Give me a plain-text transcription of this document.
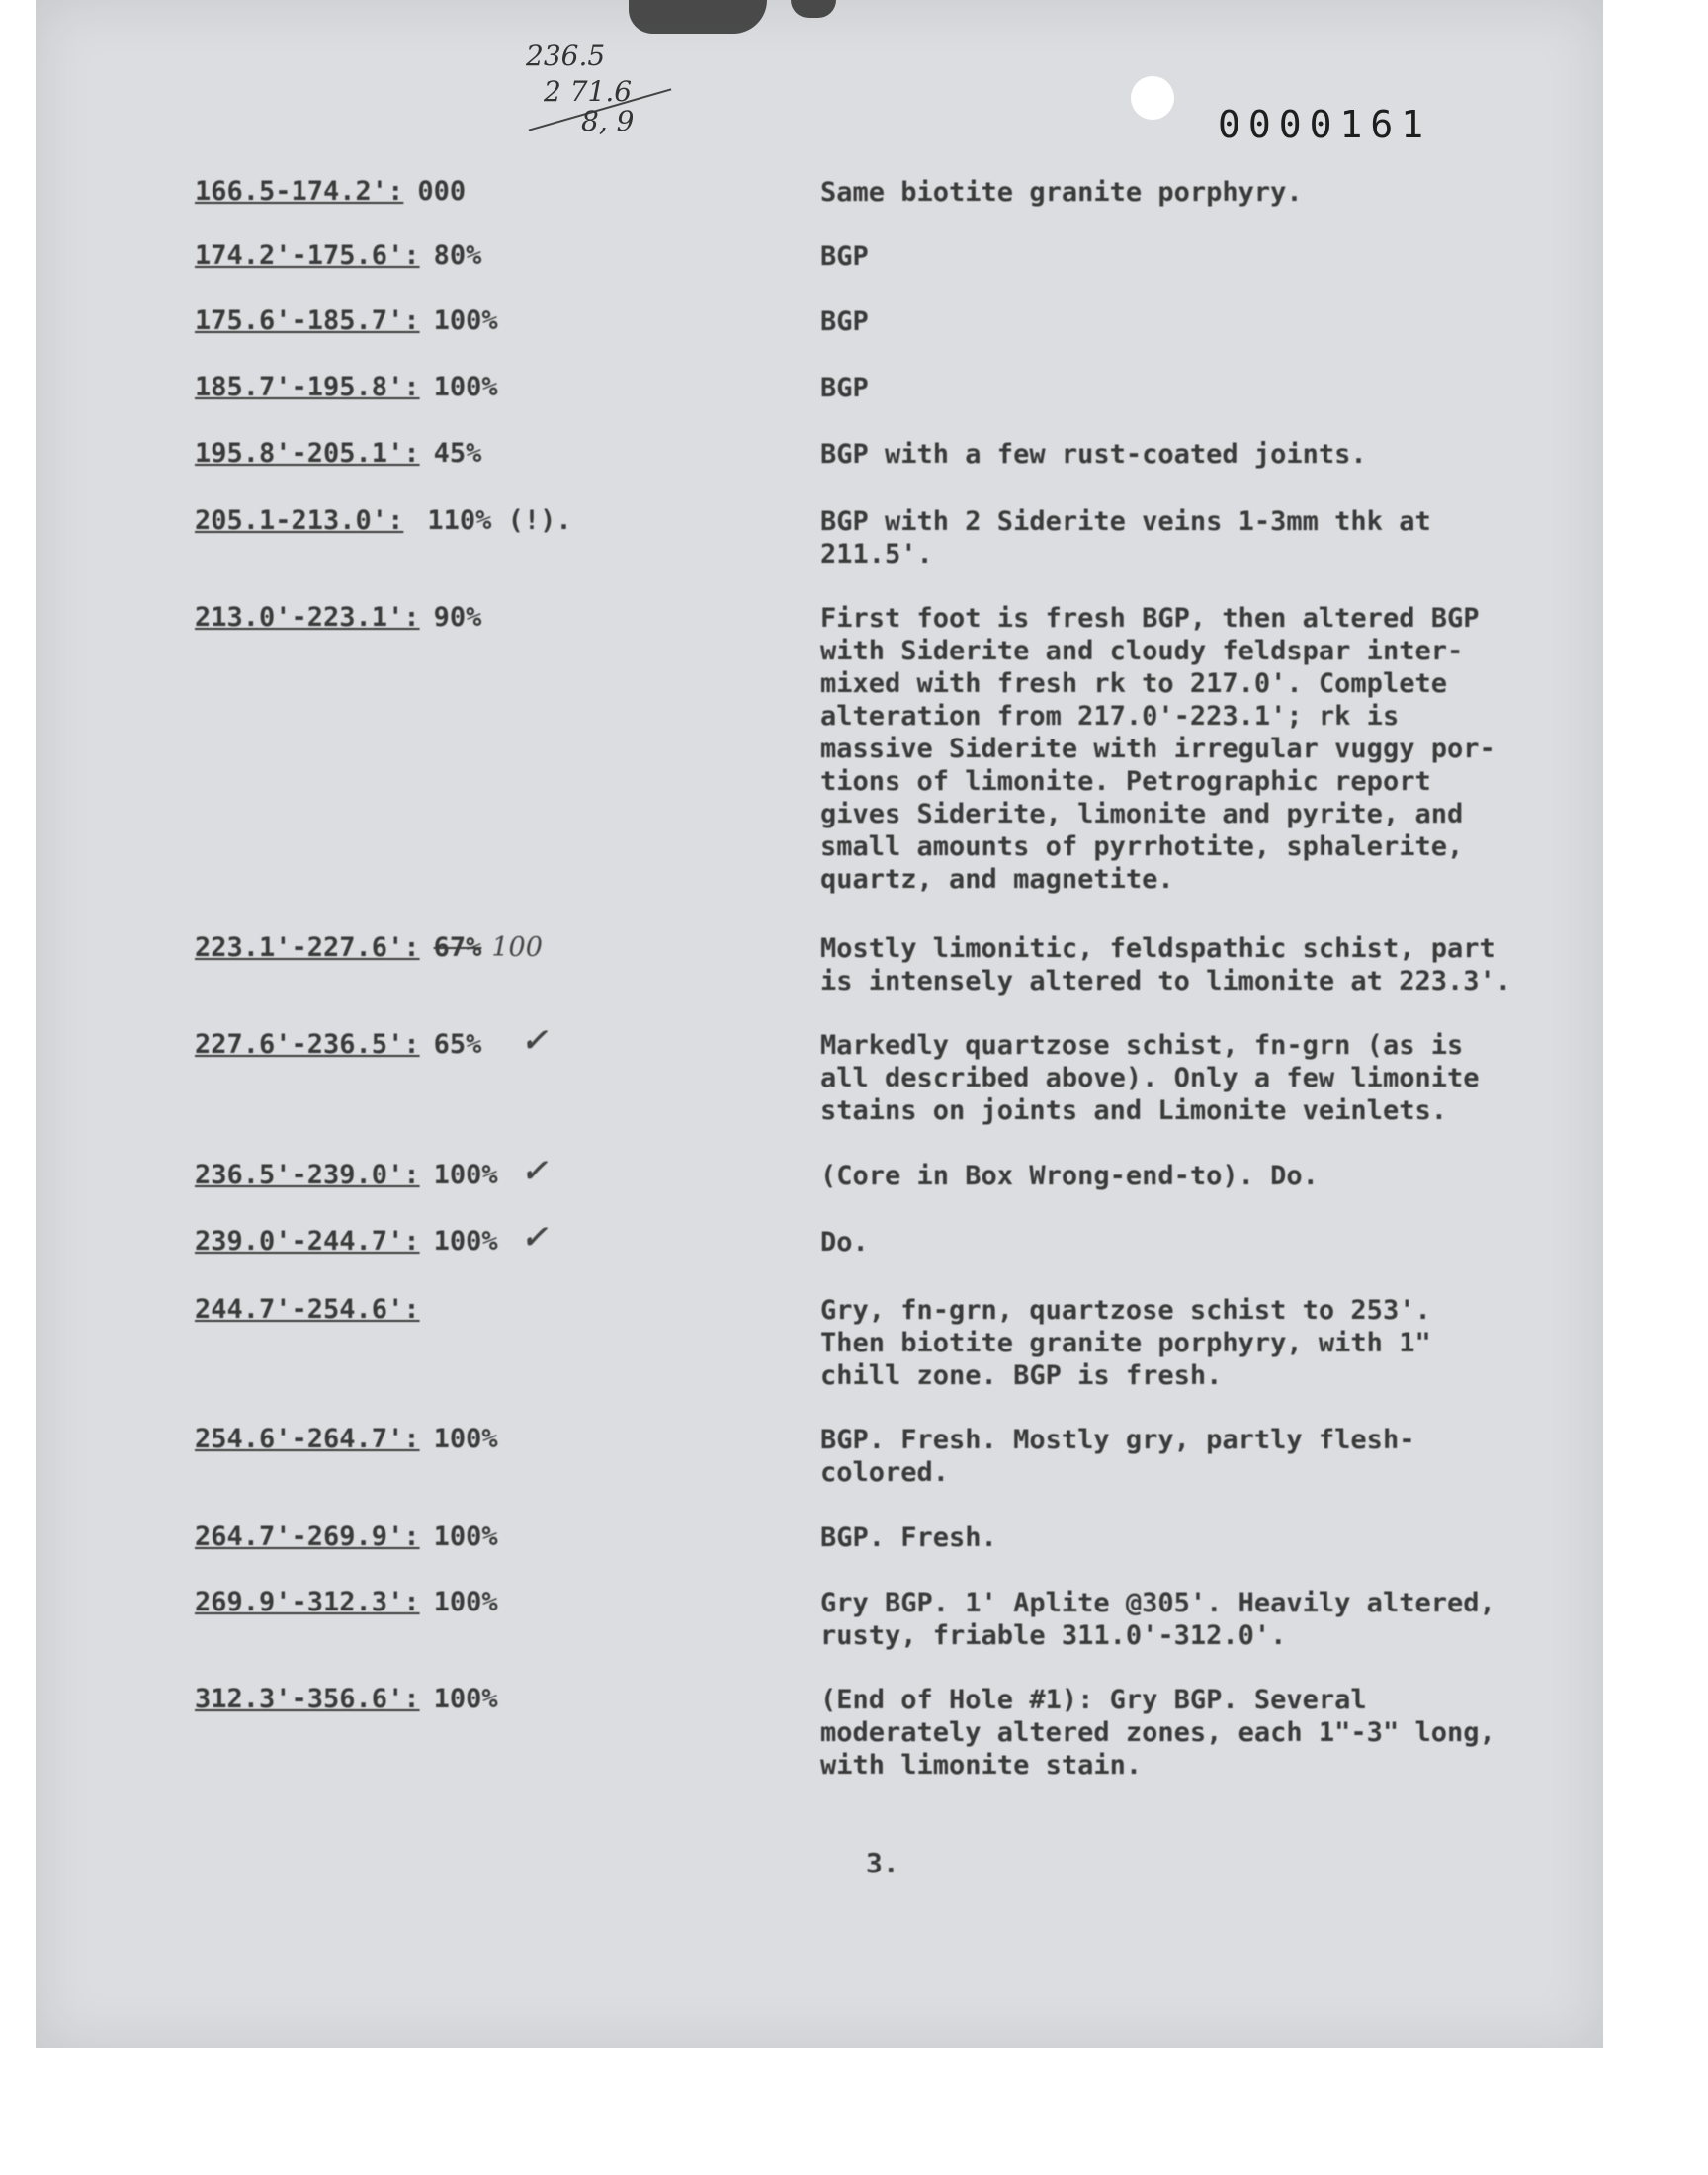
236.5
2 71.6
8, 9	0000161
166.5-174.2': 000	Same biotite granite porphyry.
174.2'-175.6': 80%	BGP
175.6'-185.7': 100%	BGP
185.7'-195.8': 100%	BGP
195.8'-205.1': 45%	BGP with a few rust-coated joints.
205.1-213.0': 110% (!).	BGP with 2 Siderite veins 1-3mm thk at
211.5'.
213.0'-223.1': 90%	First foot is fresh BGP, then altered BGP
with Siderite and cloudy feldspar inter-
mixed with fresh rk to 217.0'. Complete
alteration from 217.0'-223.1'; rk is
massive Siderite with irregular vuggy por-
tions of limonite. Petrographic report
gives Siderite, limonite and pyrite, and
small amounts of pyrrhotite, sphalerite,
quartz, and magnetite.
223.1'-227.6': 67% 100	Mostly limonitic, feldspathic schist, part
is intensely altered to limonite at 223.3'.
227.6'-236.5': 65% ✓	Markedly quartzose schist, fn-grn (as is
all described above). Only a few limonite
stains on joints and Limonite veinlets.
236.5'-239.0': 100% ✓	(Core in Box Wrong-end-to). Do.
239.0'-244.7': 100% ✓	Do.
244.7'-254.6':	Gry, fn-grn, quartzose schist to 253'.
Then biotite granite porphyry, with 1"
chill zone. BGP is fresh.
254.6'-264.7': 100%	BGP. Fresh. Mostly gry, partly flesh-
colored.
264.7'-269.9': 100%	BGP. Fresh.
269.9'-312.3': 100%	Gry BGP. 1' Aplite @305'. Heavily altered,
rusty, friable 311.0'-312.0'.
312.3'-356.6': 100%	(End of Hole #1): Gry BGP. Several
moderately altered zones, each 1"-3" long,
with limonite stain.
3.
